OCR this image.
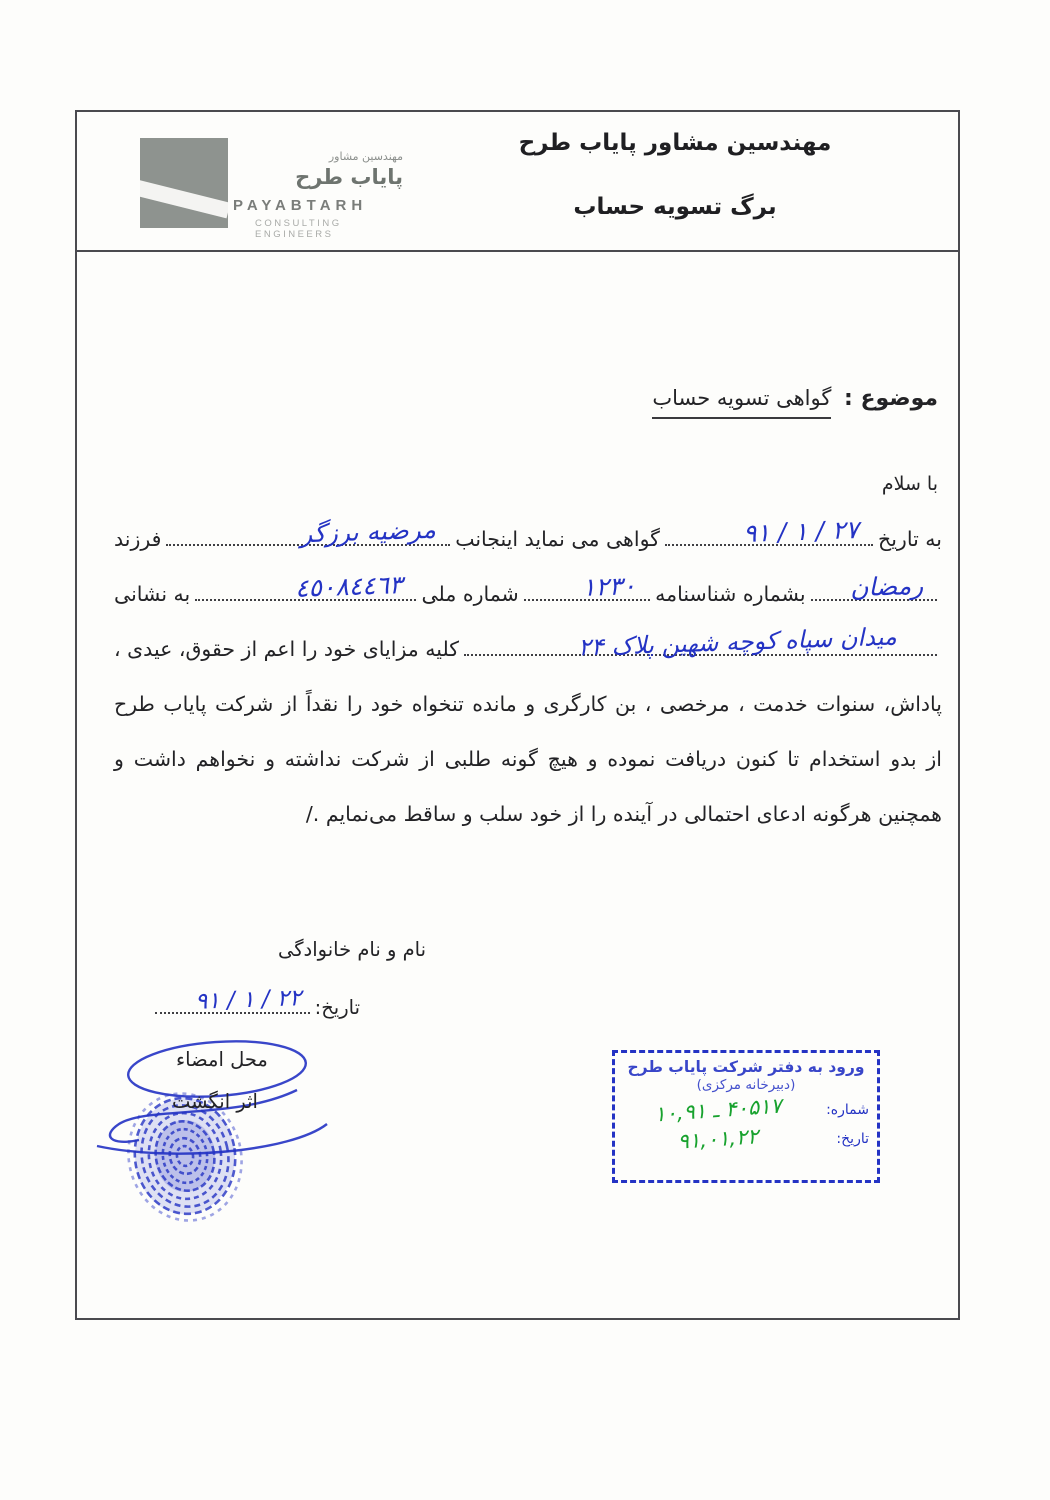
مهندسین مشاور
پایاب طرح
PAYABTARH
CONSULTING ENGINEERS
مهندسین مشاور پایاب طرح
برگ تسویه حساب
موضوع : گواهی تسویه حساب
با سلام
به تاریخ
۲۷ / ۱ / ۹۱
گواهی می نماید اینجانب
مرضیه برزگر
فرزند
رمضان
بشماره شناسنامه
۱۲۳۰
شماره ملی
٤٥٠٨٤٤٦٣
به نشانی
میدان سپاه کوچه شهین پلاک ۲۴
کلیه مزایای خود را اعم از حقوق، عیدی ،
پاداش، سنوات خدمت ، مرخصی ، بن کارگری و مانده تنخواه خود را نقداً از شرکت پایاب طرح
از بدو استخدام تا کنون دریافت نموده و هیچ گونه طلبی از شرکت نداشته و نخواهم داشت و
همچنین هرگونه ادعای احتمالی در آینده را از خود سلب و ساقط می‌نمایم ./
نام و نام خانوادگی
تاریخ:
۲۲ / ۱ / ۹۱
محل امضاء
اثر انگشت
ورود به دفتر شرکت پایاب طرح
(دبیرخانه مرکزی)
شماره:
۴۰۵۱۷ ـ ۱۰,۹۱
تاریخ:
۹۱,۰۱,۲۲
